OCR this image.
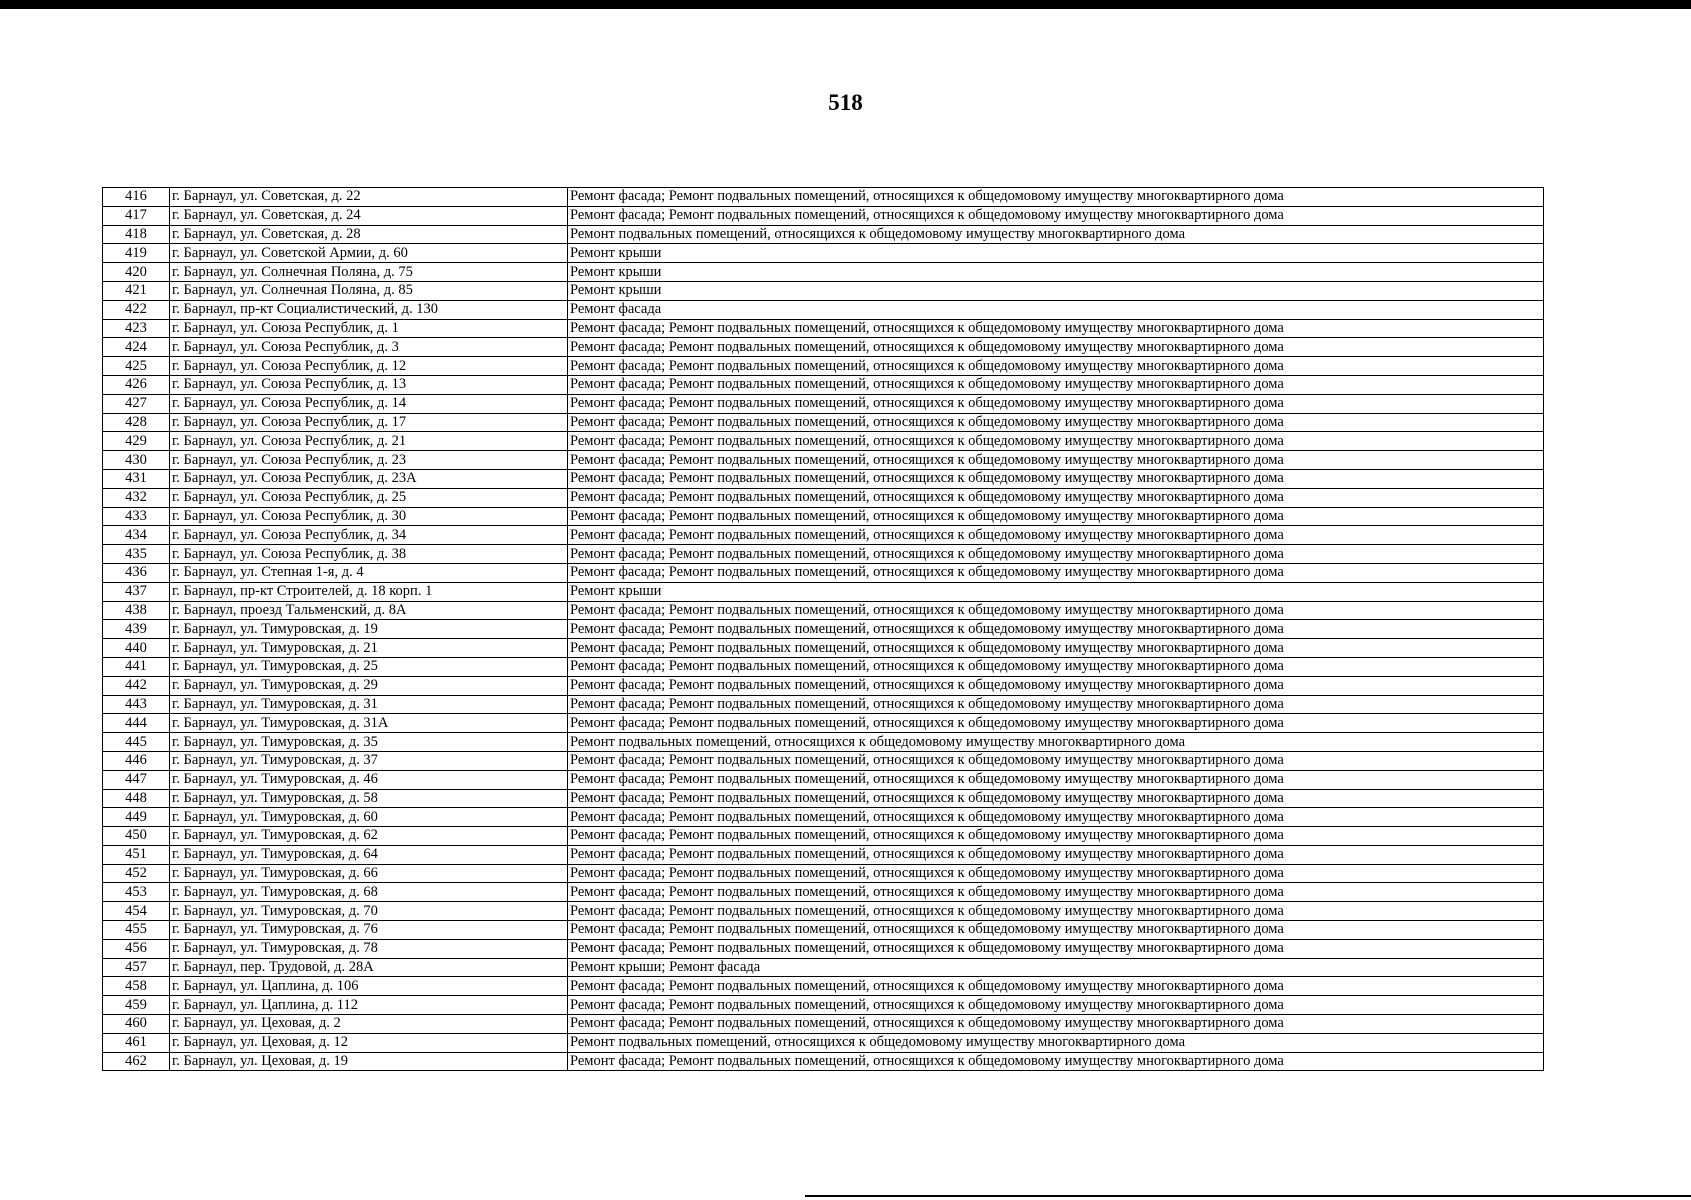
518
416	г. Барнаул, ул. Советская, д. 22	Ремонт фасада; Ремонт подвальных помещений, относящихся к общедомовому имуществу многоквартирного дома
417	г. Барнаул, ул. Советская, д. 24	Ремонт фасада; Ремонт подвальных помещений, относящихся к общедомовому имуществу многоквартирного дома
418	г. Барнаул, ул. Советская, д. 28	Ремонт подвальных помещений, относящихся к общедомовому имуществу многоквартирного дома
419	г. Барнаул, ул. Советской Армии, д. 60	Ремонт крыши
420	г. Барнаул, ул. Солнечная Поляна, д. 75	Ремонт крыши
421	г. Барнаул, ул. Солнечная Поляна, д. 85	Ремонт крыши
422	г. Барнаул, пр-кт Социалистический, д. 130	Ремонт фасада
423	г. Барнаул, ул. Союза Республик, д. 1	Ремонт фасада; Ремонт подвальных помещений, относящихся к общедомовому имуществу многоквартирного дома
424	г. Барнаул, ул. Союза Республик, д. 3	Ремонт фасада; Ремонт подвальных помещений, относящихся к общедомовому имуществу многоквартирного дома
425	г. Барнаул, ул. Союза Республик, д. 12	Ремонт фасада; Ремонт подвальных помещений, относящихся к общедомовому имуществу многоквартирного дома
426	г. Барнаул, ул. Союза Республик, д. 13	Ремонт фасада; Ремонт подвальных помещений, относящихся к общедомовому имуществу многоквартирного дома
427	г. Барнаул, ул. Союза Республик, д. 14	Ремонт фасада; Ремонт подвальных помещений, относящихся к общедомовому имуществу многоквартирного дома
428	г. Барнаул, ул. Союза Республик, д. 17	Ремонт фасада; Ремонт подвальных помещений, относящихся к общедомовому имуществу многоквартирного дома
429	г. Барнаул, ул. Союза Республик, д. 21	Ремонт фасада; Ремонт подвальных помещений, относящихся к общедомовому имуществу многоквартирного дома
430	г. Барнаул, ул. Союза Республик, д. 23	Ремонт фасада; Ремонт подвальных помещений, относящихся к общедомовому имуществу многоквартирного дома
431	г. Барнаул, ул. Союза Республик, д. 23А	Ремонт фасада; Ремонт подвальных помещений, относящихся к общедомовому имуществу многоквартирного дома
432	г. Барнаул, ул. Союза Республик, д. 25	Ремонт фасада; Ремонт подвальных помещений, относящихся к общедомовому имуществу многоквартирного дома
433	г. Барнаул, ул. Союза Республик, д. 30	Ремонт фасада; Ремонт подвальных помещений, относящихся к общедомовому имуществу многоквартирного дома
434	г. Барнаул, ул. Союза Республик, д. 34	Ремонт фасада; Ремонт подвальных помещений, относящихся к общедомовому имуществу многоквартирного дома
435	г. Барнаул, ул. Союза Республик, д. 38	Ремонт фасада; Ремонт подвальных помещений, относящихся к общедомовому имуществу многоквартирного дома
436	г. Барнаул, ул. Степная 1-я, д. 4	Ремонт фасада; Ремонт подвальных помещений, относящихся к общедомовому имуществу многоквартирного дома
437	г. Барнаул, пр-кт Строителей, д. 18 корп. 1	Ремонт крыши
438	г. Барнаул, проезд Тальменский, д. 8А	Ремонт фасада; Ремонт подвальных помещений, относящихся к общедомовому имуществу многоквартирного дома
439	г. Барнаул, ул. Тимуровская, д. 19	Ремонт фасада; Ремонт подвальных помещений, относящихся к общедомовому имуществу многоквартирного дома
440	г. Барнаул, ул. Тимуровская, д. 21	Ремонт фасада; Ремонт подвальных помещений, относящихся к общедомовому имуществу многоквартирного дома
441	г. Барнаул, ул. Тимуровская, д. 25	Ремонт фасада; Ремонт подвальных помещений, относящихся к общедомовому имуществу многоквартирного дома
442	г. Барнаул, ул. Тимуровская, д. 29	Ремонт фасада; Ремонт подвальных помещений, относящихся к общедомовому имуществу многоквартирного дома
443	г. Барнаул, ул. Тимуровская, д. 31	Ремонт фасада; Ремонт подвальных помещений, относящихся к общедомовому имуществу многоквартирного дома
444	г. Барнаул, ул. Тимуровская, д. 31А	Ремонт фасада; Ремонт подвальных помещений, относящихся к общедомовому имуществу многоквартирного дома
445	г. Барнаул, ул. Тимуровская, д. 35	Ремонт подвальных помещений, относящихся к общедомовому имуществу многоквартирного дома
446	г. Барнаул, ул. Тимуровская, д. 37	Ремонт фасада; Ремонт подвальных помещений, относящихся к общедомовому имуществу многоквартирного дома
447	г. Барнаул, ул. Тимуровская, д. 46	Ремонт фасада; Ремонт подвальных помещений, относящихся к общедомовому имуществу многоквартирного дома
448	г. Барнаул, ул. Тимуровская, д. 58	Ремонт фасада; Ремонт подвальных помещений, относящихся к общедомовому имуществу многоквартирного дома
449	г. Барнаул, ул. Тимуровская, д. 60	Ремонт фасада; Ремонт подвальных помещений, относящихся к общедомовому имуществу многоквартирного дома
450	г. Барнаул, ул. Тимуровская, д. 62	Ремонт фасада; Ремонт подвальных помещений, относящихся к общедомовому имуществу многоквартирного дома
451	г. Барнаул, ул. Тимуровская, д. 64	Ремонт фасада; Ремонт подвальных помещений, относящихся к общедомовому имуществу многоквартирного дома
452	г. Барнаул, ул. Тимуровская, д. 66	Ремонт фасада; Ремонт подвальных помещений, относящихся к общедомовому имуществу многоквартирного дома
453	г. Барнаул, ул. Тимуровская, д. 68	Ремонт фасада; Ремонт подвальных помещений, относящихся к общедомовому имуществу многоквартирного дома
454	г. Барнаул, ул. Тимуровская, д. 70	Ремонт фасада; Ремонт подвальных помещений, относящихся к общедомовому имуществу многоквартирного дома
455	г. Барнаул, ул. Тимуровская, д. 76	Ремонт фасада; Ремонт подвальных помещений, относящихся к общедомовому имуществу многоквартирного дома
456	г. Барнаул, ул. Тимуровская, д. 78	Ремонт фасада; Ремонт подвальных помещений, относящихся к общедомовому имуществу многоквартирного дома
457	г. Барнаул, пер. Трудовой, д. 28А	Ремонт крыши; Ремонт фасада
458	г. Барнаул, ул. Цаплина, д. 106	Ремонт фасада; Ремонт подвальных помещений, относящихся к общедомовому имуществу многоквартирного дома
459	г. Барнаул, ул. Цаплина, д. 112	Ремонт фасада; Ремонт подвальных помещений, относящихся к общедомовому имуществу многоквартирного дома
460	г. Барнаул, ул. Цеховая, д. 2	Ремонт фасада; Ремонт подвальных помещений, относящихся к общедомовому имуществу многоквартирного дома
461	г. Барнаул, ул. Цеховая, д. 12	Ремонт подвальных помещений, относящихся к общедомовому имуществу многоквартирного дома
462	г. Барнаул, ул. Цеховая, д. 19	Ремонт фасада; Ремонт подвальных помещений, относящихся к общедомовому имуществу многоквартирного дома
